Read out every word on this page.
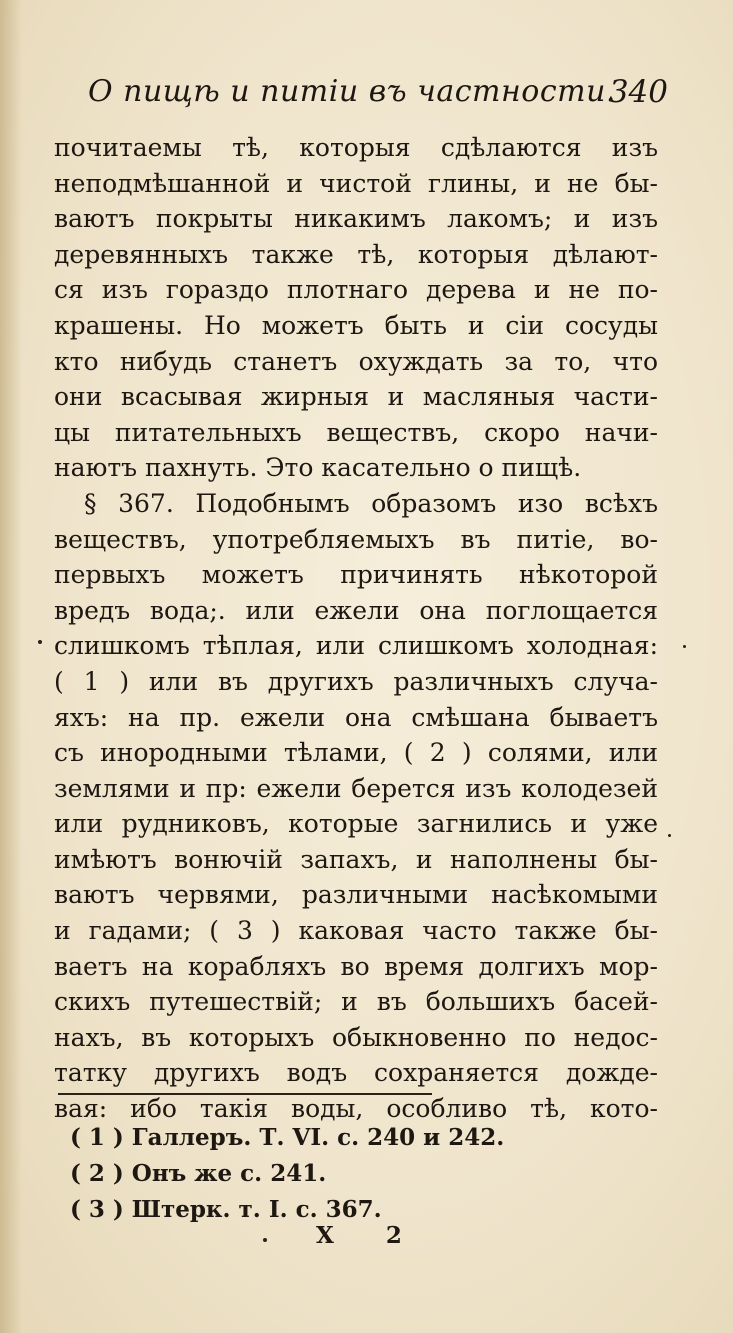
О пищѣ и питіи въ частности.
340
почитаемы тѣ, которыя сдѣлаются изъ
неподмѣшанной и чистой глины, и не бы-
ваютъ покрыты никакимъ лакомъ; и изъ
деревянныхъ также тѣ, которыя дѣлают-
ся изъ гораздо плотнаго дерева и не по-
крашены. Но можетъ быть и сіи сосуды
кто нибудь станетъ охуждать за то, что
они всасывая жирныя и масляныя части-
цы питательныхъ веществъ, скоро начи-
наютъ пахнуть. Это касательно о пищѣ.
§ 367. Подобнымъ образомъ изо всѣхъ
веществъ, употребляемыхъ въ питіе, во-
первыхъ можетъ причинять нѣкоторой
вредъ вода;. или ежели она поглощается
слишкомъ тѣплая, или слишкомъ холодная:
( 1 ) или въ другихъ различныхъ случа-
яхъ: на пр. ежели она смѣшана бываетъ
съ инородными тѣлами, ( 2 ) солями, или
землями и пр: ежели берется изъ колодезей
или рудниковъ, которые загнились и уже
имѣютъ вонючій запахъ, и наполнены бы-
ваютъ червями, различными насѣкомыми
и гадами; ( 3 ) каковая часто также бы-
ваетъ на корабляхъ во время долгихъ мор-
скихъ путешествій; и въ большихъ басей-
нахъ, въ которыхъ обыкновенно по недос-
татку другихъ водъ сохраняется дожде-
вая: ибо такія воды, особливо тѣ, кото-
( 1 ) Галлеръ. Т. VI. с. 240 и 242.
( 2 ) Онъ же с. 241.
( 3 ) Штерк. т. I. с. 367.
X 2
